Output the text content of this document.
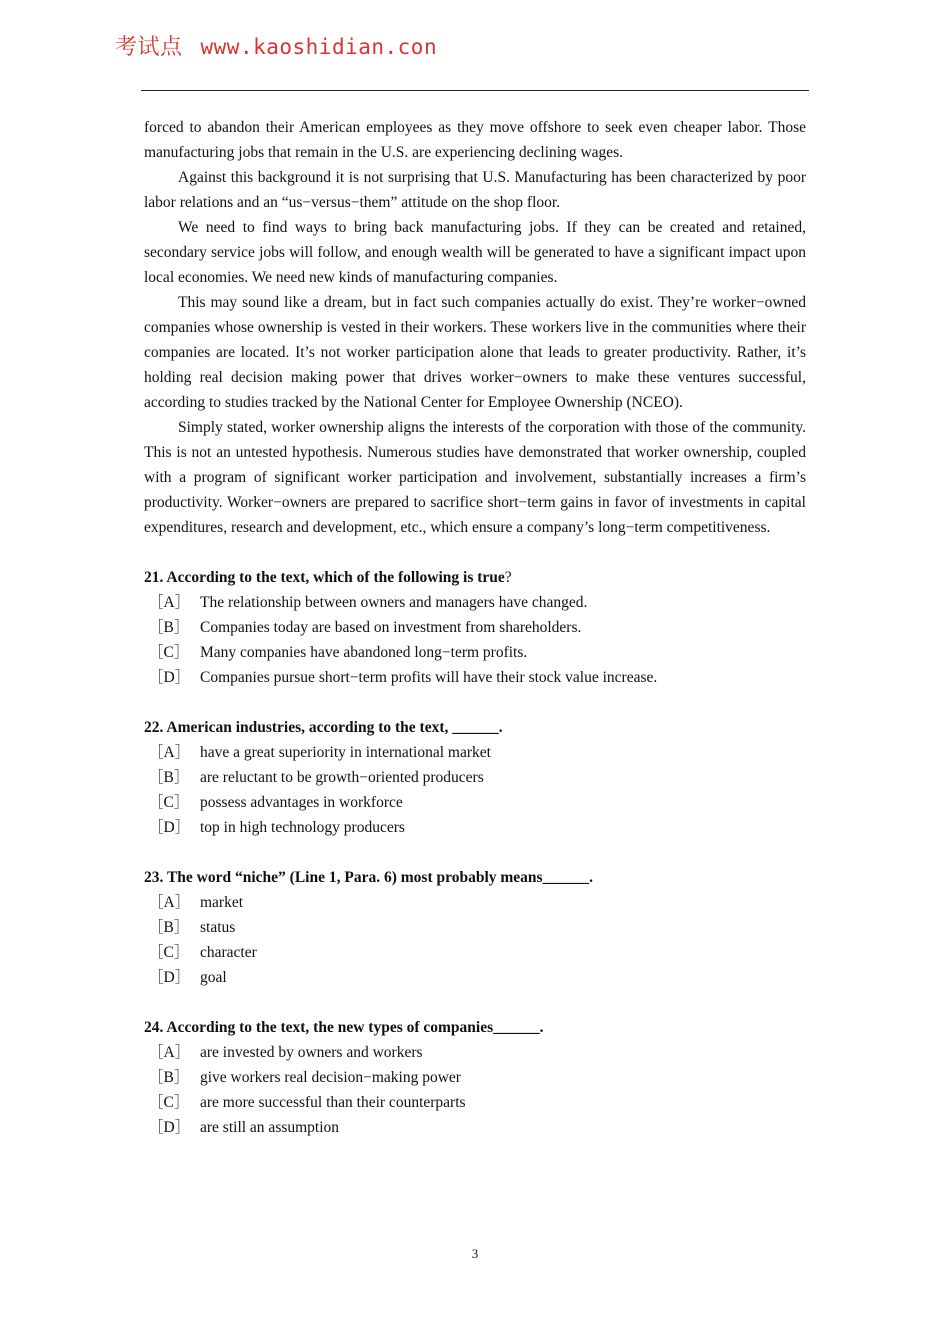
考试点 www.kaoshidian.con

forced to abandon their American employees as they move offshore to seek even cheaper labor. Those manufacturing jobs that remain in the U.S. are experiencing declining wages.

Against this background it is not surprising that U.S. Manufacturing has been characterized by poor labor relations and an “us−versus−them” attitude on the shop floor.

We need to find ways to bring back manufacturing jobs. If they can be created and retained, secondary service jobs will follow, and enough wealth will be generated to have a significant impact upon local economies. We need new kinds of manufacturing companies.

This may sound like a dream, but in fact such companies actually do exist. They’re worker−owned companies whose ownership is vested in their workers. These workers live in the communities where their companies are located. It’s not worker participation alone that leads to greater productivity. Rather, it’s holding real decision making power that drives worker−owners to make these ventures successful, according to studies tracked by the National Center for Employee Ownership (NCEO).

Simply stated, worker ownership aligns the interests of the corporation with those of the community. This is not an untested hypothesis. Numerous studies have demonstrated that worker ownership, coupled with a program of significant worker participation and involvement, substantially increases a firm’s productivity. Worker−owners are prepared to sacrifice short−term gains in favor of investments in capital expenditures, research and development, etc., which ensure a company’s long−term competitiveness.

21. According to the text, which of the following is true?
［A］ The relationship between owners and managers have changed.
［B］ Companies today are based on investment from shareholders.
［C］ Many companies have abandoned long−term profits.
［D］ Companies pursue short−term profits will have their stock value increase.
22. American industries, according to the text, ______.
［A］ have a great superiority in international market
［B］ are reluctant to be growth−oriented producers
［C］ possess advantages in workforce
［D］ top in high technology producers
23. The word “niche” (Line 1, Para. 6) most probably means______.
［A］ market
［B］ status
［C］ character
［D］ goal
24. According to the text, the new types of companies______.
［A］ are invested by owners and workers
［B］ give workers real decision−making power
［C］ are more successful than their counterparts
［D］ are still an assumption
3
